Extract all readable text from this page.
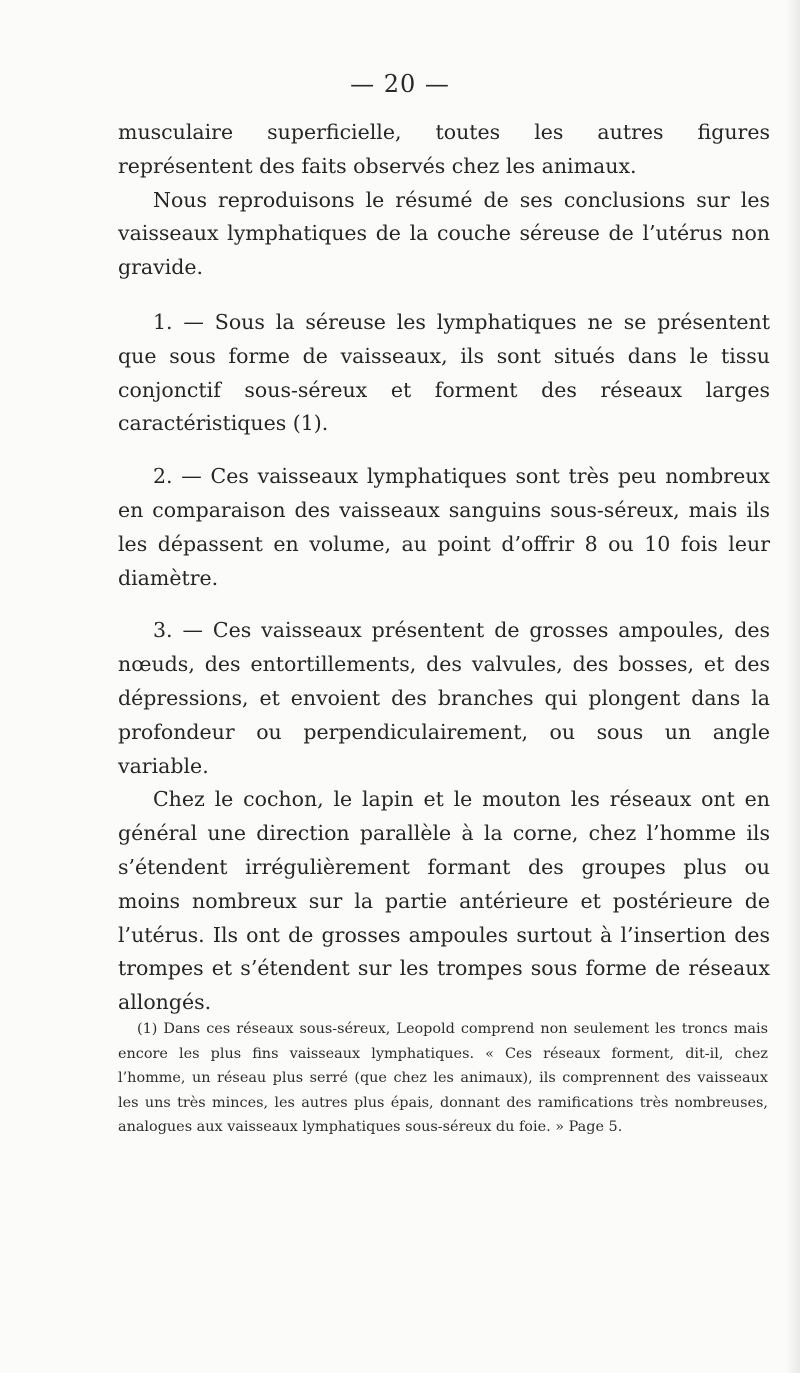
— 20 —

musculaire superficielle, toutes les autres figures représentent des faits observés chez les animaux.

Nous reproduisons le résumé de ses conclusions sur les vaisseaux lymphatiques de la couche séreuse de l’utérus non gravide.

1. — Sous la séreuse les lymphatiques ne se présentent que sous forme de vaisseaux, ils sont situés dans le tissu conjonctif sous-séreux et forment des réseaux larges caractéristiques (1).

2. — Ces vaisseaux lymphatiques sont très peu nombreux en comparaison des vaisseaux sanguins sous-séreux, mais ils les dépassent en volume, au point d’offrir 8 ou 10 fois leur diamètre.

3. — Ces vaisseaux présentent de grosses ampoules, des nœuds, des entortillements, des valvules, des bosses, et des dépressions, et envoient des branches qui plongent dans la profondeur ou perpendiculairement, ou sous un angle variable.

Chez le cochon, le lapin et le mouton les réseaux ont en général une direction parallèle à la corne, chez l’homme ils s’étendent irrégulièrement formant des groupes plus ou moins nombreux sur la partie antérieure et postérieure de l’utérus. Ils ont de grosses ampoules surtout à l’insertion des trompes et s’étendent sur les trompes sous forme de réseaux allongés.

(1) Dans ces réseaux sous-séreux, Leopold comprend non seulement les troncs mais encore les plus fins vaisseaux lymphatiques. « Ces réseaux forment, dit-il, chez l’homme, un réseau plus serré (que chez les animaux), ils comprennent des vaisseaux les uns très minces, les autres plus épais, donnant des ramifications très nombreuses, analogues aux vaisseaux lymphatiques sous-séreux du foie. » Page 5.
